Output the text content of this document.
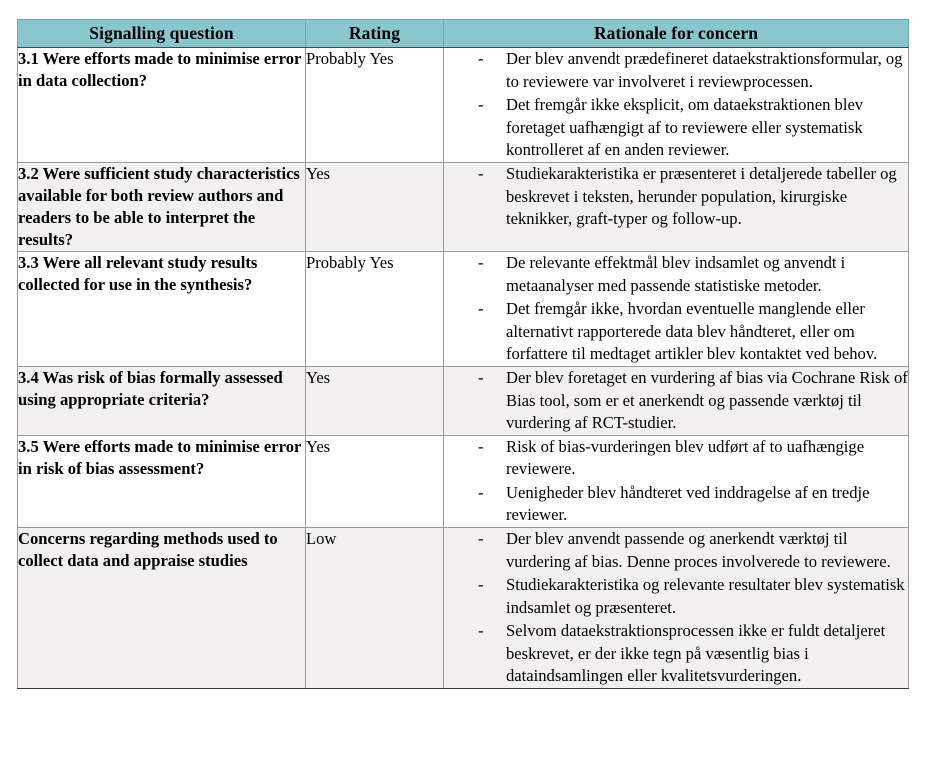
Signalling question	Rating	Rationale for concern
3.1 Were efforts made to minimise error in data collection?	Probably Yes	- Der blev anvendt prædefineret dataekstraktionsformular, og to reviewere var involveret i reviewprocessen.
- Det fremgår ikke eksplicit, om dataekstraktionen blev foretaget uafhængigt af to reviewere eller systematisk kontrolleret af en anden reviewer.

3.2 Were sufficient study characteristics available for both review authors and readers to be able to interpret the results?	Yes	- Studiekarakteristika er præsenteret i detaljerede tabeller og beskrevet i teksten, herunder population, kirurgiske teknikker, graft-typer og follow-up.

3.3 Were all relevant study results collected for use in the synthesis?	Probably Yes	- De relevante effektmål blev indsamlet og anvendt i metaanalyser med passende statistiske metoder.
- Det fremgår ikke, hvordan eventuelle manglende eller alternativt rapporterede data blev håndteret, eller om forfattere til medtaget artikler blev kontaktet ved behov.

3.4 Was risk of bias formally assessed using appropriate criteria?	Yes	- Der blev foretaget en vurdering af bias via Cochrane Risk of Bias tool, som er et anerkendt og passende værktøj til vurdering af RCT-studier.

3.5 Were efforts made to minimise error in risk of bias assessment?	Yes	- Risk of bias-vurderingen blev udført af to uafhængige reviewere.
- Uenigheder blev håndteret ved inddragelse af en tredje reviewer.

Concerns regarding methods used to collect data and appraise studies	Low	- Der blev anvendt passende og anerkendt værktøj til vurdering af bias. Denne proces involverede to reviewere.
- Studiekarakteristika og relevante resultater blev systematisk indsamlet og præsenteret.
- Selvom dataekstraktionsprocessen ikke er fuldt detaljeret beskrevet, er der ikke tegn på væsentlig bias i dataindsamlingen eller kvalitetsvurderingen.
